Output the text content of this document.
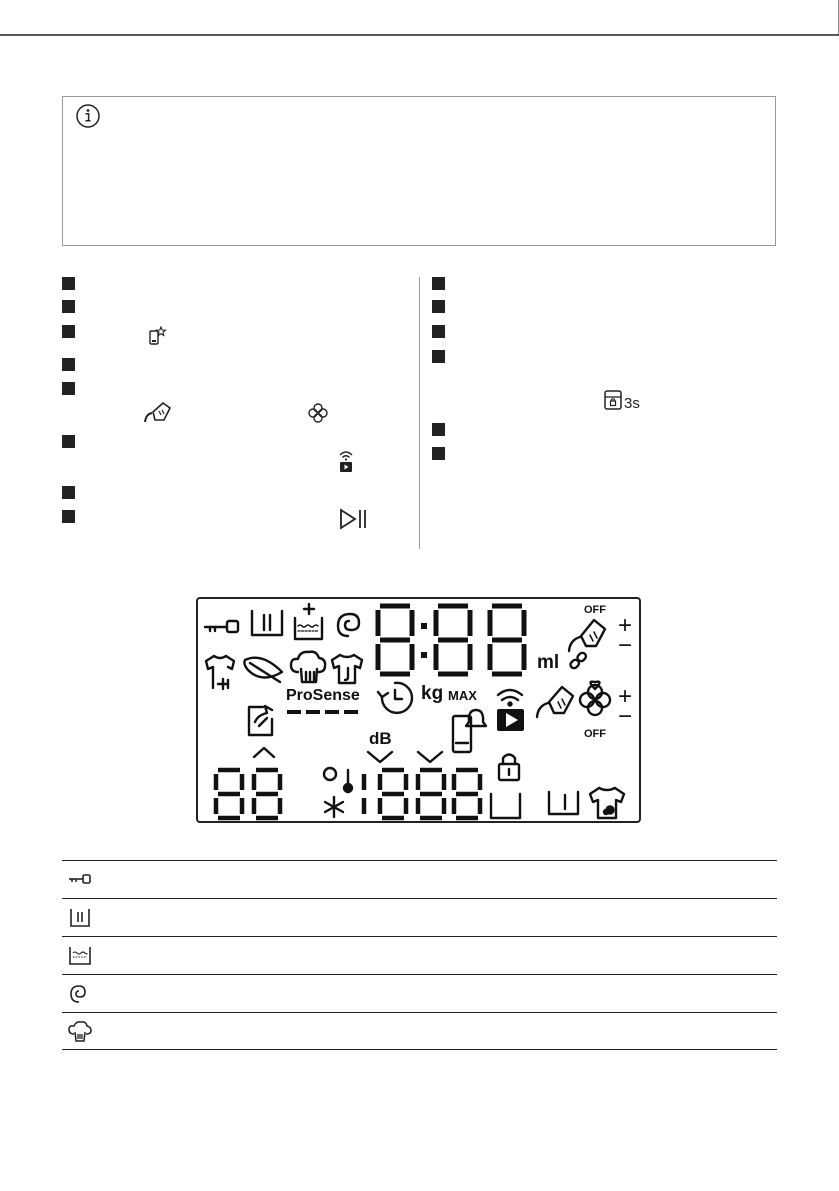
3s
OFF
+
−
ml
ProSense	kg MAX	+
−
OFF
dB
